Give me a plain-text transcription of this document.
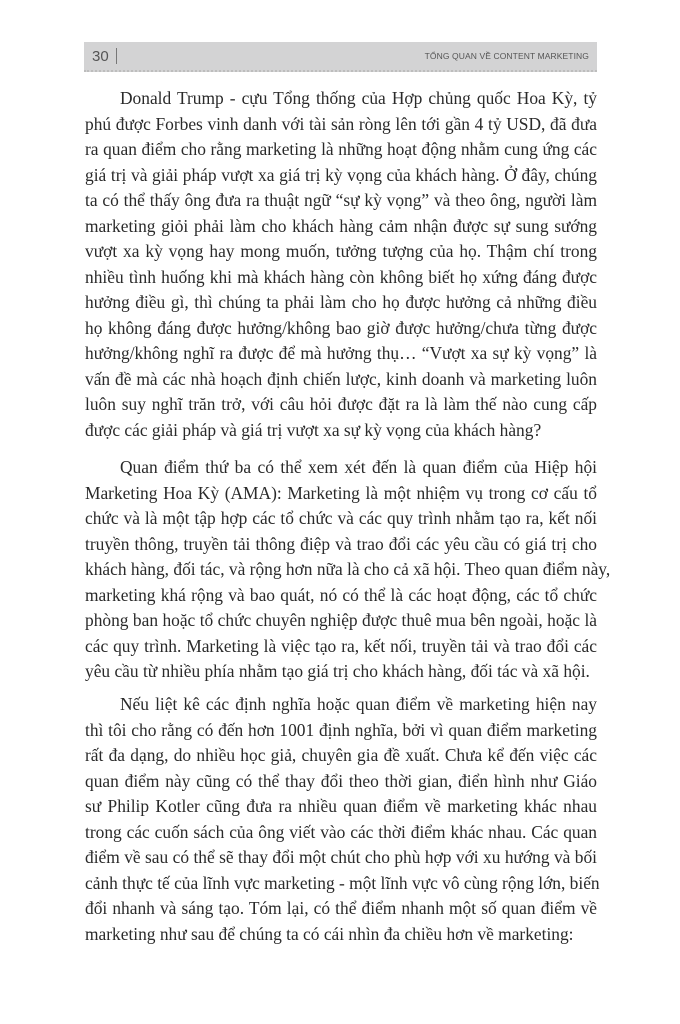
30	TỔNG QUAN VỀ CONTENT MARKETING
Donald Trump - cựu Tổng thống của Hợp chủng quốc Hoa Kỳ, tỷ
phú được Forbes vinh danh với tài sản ròng lên tới gần 4 tỷ USD, đã đưa
ra quan điểm cho rằng marketing là những hoạt động nhằm cung ứng các
giá trị và giải pháp vượt xa giá trị kỳ vọng của khách hàng. Ở đây, chúng
ta có thể thấy ông đưa ra thuật ngữ “sự kỳ vọng” và theo ông, người làm
marketing giỏi phải làm cho khách hàng cảm nhận được sự sung sướng
vượt xa kỳ vọng hay mong muốn, tưởng tượng của họ. Thậm chí trong
nhiều tình huống khi mà khách hàng còn không biết họ xứng đáng được
hưởng điều gì, thì chúng ta phải làm cho họ được hưởng cả những điều
họ không đáng được hưởng/không bao giờ được hưởng/chưa từng được
hưởng/không nghĩ ra được để mà hưởng thụ… “Vượt xa sự kỳ vọng” là
vấn đề mà các nhà hoạch định chiến lược, kinh doanh và marketing luôn
luôn suy nghĩ trăn trở, với câu hỏi được đặt ra là làm thế nào cung cấp
được các giải pháp và giá trị vượt xa sự kỳ vọng của khách hàng?
Quan điểm thứ ba có thể xem xét đến là quan điểm của Hiệp hội
Marketing Hoa Kỳ (AMA): Marketing là một nhiệm vụ trong cơ cấu tổ
chức và là một tập hợp các tổ chức và các quy trình nhằm tạo ra, kết nối
truyền thông, truyền tải thông điệp và trao đổi các yêu cầu có giá trị cho
khách hàng, đối tác, và rộng hơn nữa là cho cả xã hội. Theo quan điểm này,
marketing khá rộng và bao quát, nó có thể là các hoạt động, các tổ chức
phòng ban hoặc tổ chức chuyên nghiệp được thuê mua bên ngoài, hoặc là
các quy trình. Marketing là việc tạo ra, kết nối, truyền tải và trao đổi các
yêu cầu từ nhiều phía nhằm tạo giá trị cho khách hàng, đối tác và xã hội.
Nếu liệt kê các định nghĩa hoặc quan điểm về marketing hiện nay
thì tôi cho rằng có đến hơn 1001 định nghĩa, bởi vì quan điểm marketing
rất đa dạng, do nhiều học giả, chuyên gia đề xuất. Chưa kể đến việc các
quan điểm này cũng có thể thay đổi theo thời gian, điển hình như Giáo
sư Philip Kotler cũng đưa ra nhiều quan điểm về marketing khác nhau
trong các cuốn sách của ông viết vào các thời điểm khác nhau. Các quan
điểm về sau có thể sẽ thay đổi một chút cho phù hợp với xu hướng và bối
cảnh thực tế của lĩnh vực marketing - một lĩnh vực vô cùng rộng lớn, biến
đổi nhanh và sáng tạo. Tóm lại, có thể điểm nhanh một số quan điểm về
marketing như sau để chúng ta có cái nhìn đa chiều hơn về marketing:
